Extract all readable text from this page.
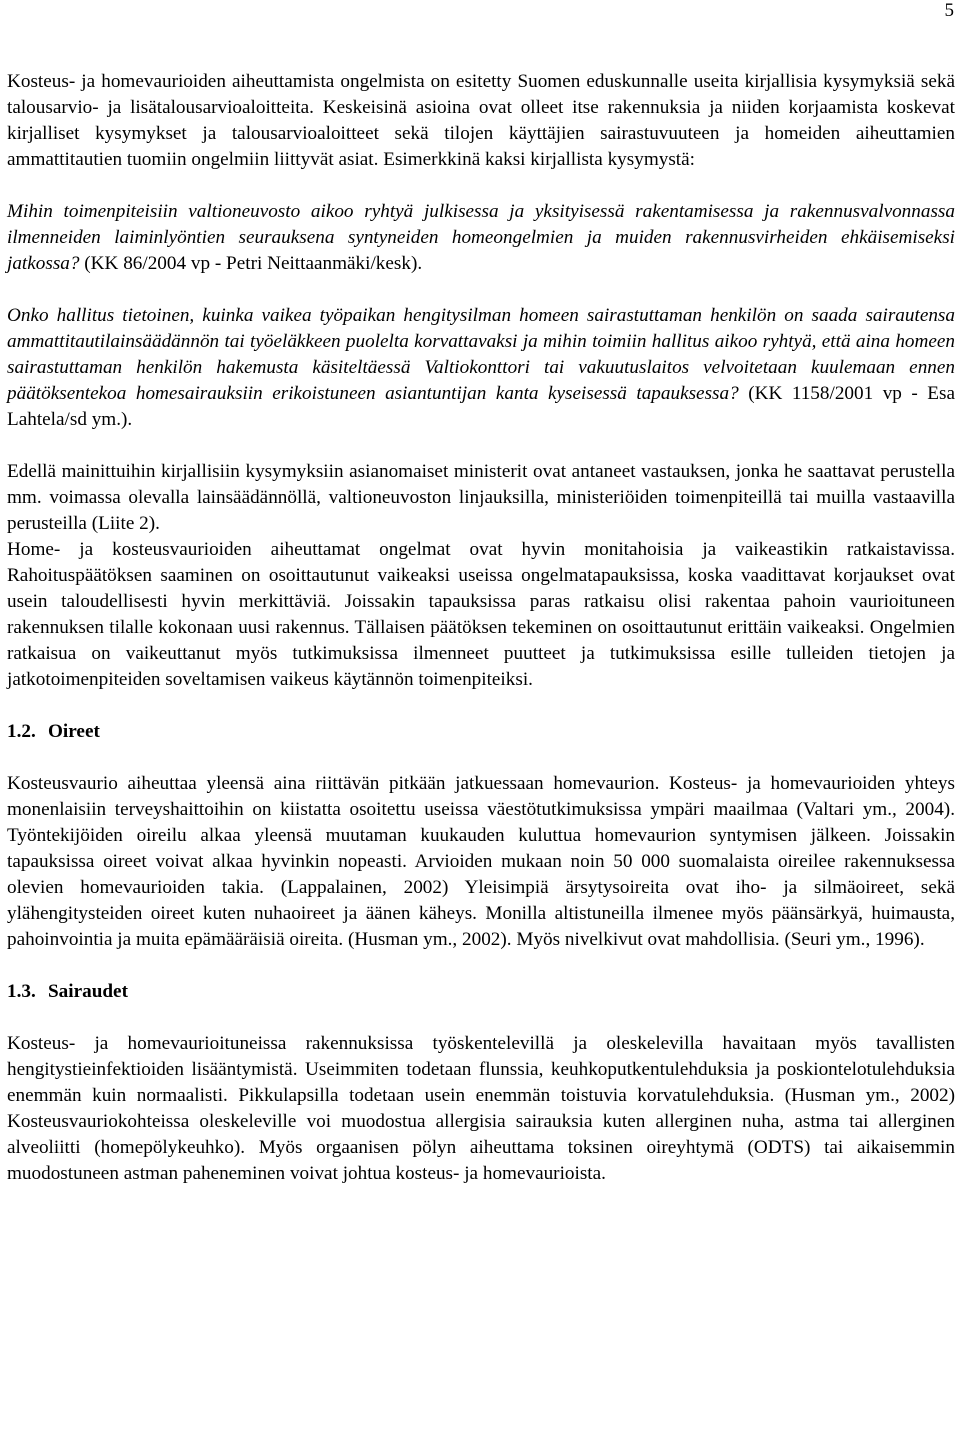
5

Kosteus- ja homevaurioiden aiheuttamista ongelmista on esitetty Suomen eduskunnalle useita kirjallisia kysymyksiä sekä talousarvio- ja lisätalousarvioaloitteita. Keskeisinä asioina ovat olleet itse rakennuksia ja niiden korjaamista koskevat kirjalliset kysymykset ja talousarvioaloitteet sekä tilojen käyttäjien sairastuvuuteen ja homeiden aiheuttamien ammattitautien tuomiin ongelmiin liittyvät asiat. Esimerkkinä kaksi kirjallista kysymystä:

Mihin toimenpiteisiin valtioneuvosto aikoo ryhtyä julkisessa ja yksityisessä rakentamisessa ja rakennusvalvonnassa ilmenneiden laiminlyöntien seurauksena syntyneiden homeongelmien ja muiden rakennusvirheiden ehkäisemiseksi jatkossa? (KK 86/2004 vp - Petri Neittaanmäki/kesk).

Onko hallitus tietoinen, kuinka vaikea työpaikan hengitysilman homeen sairastuttaman henkilön on saada sairautensa ammattitautilainsäädännön tai työeläkkeen puolelta korvattavaksi ja mihin toimiin hallitus aikoo ryhtyä, että aina homeen sairastuttaman henkilön hakemusta käsiteltäessä Valtiokonttori tai vakuutuslaitos velvoitetaan kuulemaan ennen päätöksentekoa homesairauksiin erikoistuneen asiantuntijan kanta kyseisessä tapauksessa? (KK 1158/2001 vp - Esa Lahtela/sd ym.).

Edellä mainittuihin kirjallisiin kysymyksiin asianomaiset ministerit ovat antaneet vastauksen, jonka he saattavat perustella mm. voimassa olevalla lainsäädännöllä, valtioneuvoston linjauksilla, ministeriöiden toimenpiteillä tai muilla vastaavilla perusteilla (Liite 2).

Home- ja kosteusvaurioiden aiheuttamat ongelmat ovat hyvin monitahoisia ja vaikeastikin ratkaistavissa. Rahoituspäätöksen saaminen on osoittautunut vaikeaksi useissa ongelmatapauksissa, koska vaadittavat korjaukset ovat usein taloudellisesti hyvin merkittäviä. Joissakin tapauksissa paras ratkaisu olisi rakentaa pahoin vaurioituneen rakennuksen tilalle kokonaan uusi rakennus. Tällaisen päätöksen tekeminen on osoittautunut erittäin vaikeaksi. Ongelmien ratkaisua on vaikeuttanut myös tutkimuksissa ilmenneet puutteet ja tutkimuksissa esille tulleiden tietojen ja jatkotoimenpiteiden soveltamisen vaikeus käytännön toimenpiteiksi.

1.2. Oireet

Kosteusvaurio aiheuttaa yleensä aina riittävän pitkään jatkuessaan homevaurion. Kosteus- ja homevaurioiden yhteys monenlaisiin terveyshaittoihin on kiistatta osoitettu useissa väestötutkimuksissa ympäri maailmaa (Valtari ym., 2004). Työntekijöiden oireilu alkaa yleensä muutaman kuukauden kuluttua homevaurion syntymisen jälkeen. Joissakin tapauksissa oireet voivat alkaa hyvinkin nopeasti. Arvioiden mukaan noin 50 000 suomalaista oireilee rakennuksessa olevien homevaurioiden takia. (Lappalainen, 2002) Yleisimpiä ärsytysoireita ovat iho- ja silmäoireet, sekä ylähengitysteiden oireet kuten nuhaoireet ja äänen käheys. Monilla altistuneilla ilmenee myös päänsärkyä, huimausta, pahoinvointia ja muita epämääräisiä oireita. (Husman ym., 2002). Myös nivelkivut ovat mahdollisia. (Seuri ym., 1996).

1.3. Sairaudet

Kosteus- ja homevaurioituneissa rakennuksissa työskentelevillä ja oleskelevilla havaitaan myös tavallisten hengitystieinfektioiden lisääntymistä. Useimmiten todetaan flunssia, keuhkoputkentulehduksia ja poskiontelotulehduksia enemmän kuin normaalisti. Pikkulapsilla todetaan usein enemmän toistuvia korvatulehduksia. (Husman ym., 2002) Kosteusvauriokohteissa oleskeleville voi muodostua allergisia sairauksia kuten allerginen nuha, astma tai allerginen alveoliitti (homepölykeuhko). Myös orgaanisen pölyn aiheuttama toksinen oireyhtymä (ODTS) tai aikaisemmin muodostuneen astman paheneminen voivat johtua kosteus- ja homevaurioista.
